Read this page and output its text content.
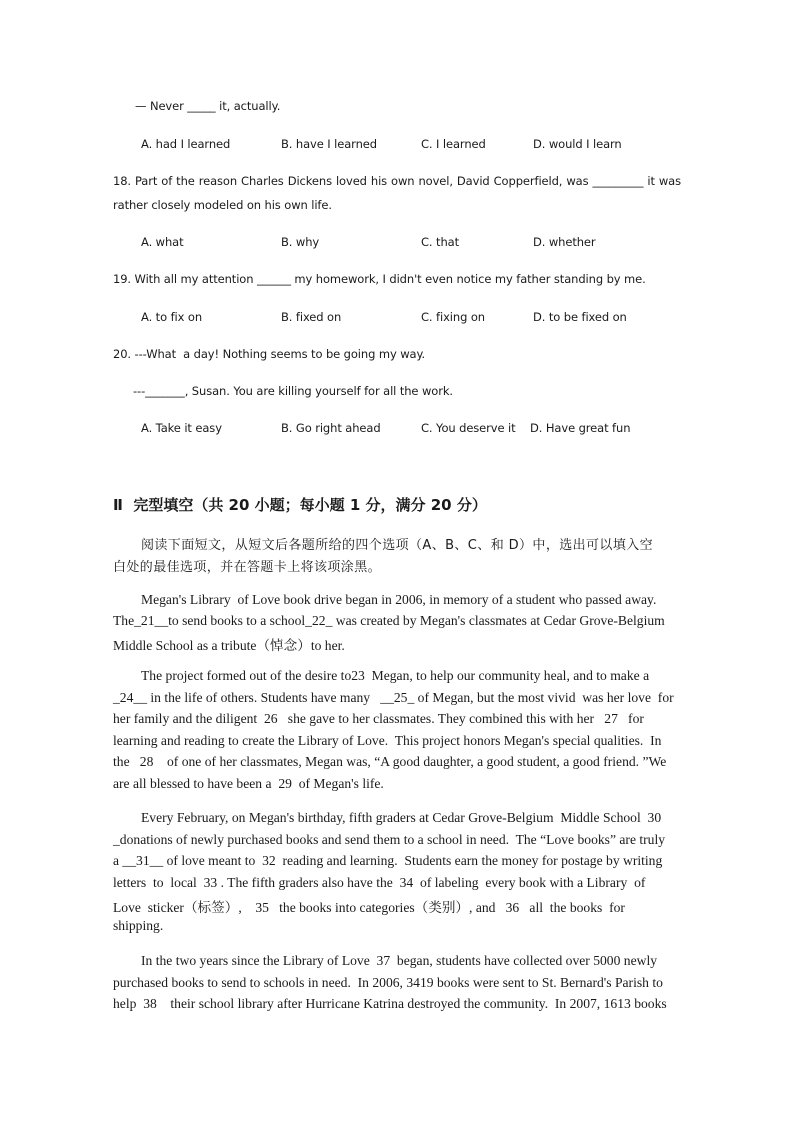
— Never _____ it, actually.
A. had I learned	B. have I learned	C. I learned	D. would I learn
18. Part of the reason Charles Dickens loved his own novel, David Copperfield, was _________ it was
rather closely modeled on his own life.
A. what	B. why	C. that	D. whether
19. With all my attention ______ my homework, I didn't even notice my father standing by me.
A. to fix on	B. fixed on	C. fixing on	D. to be fixed on
20. ---What  a day! Nothing seems to be going my way.
---_______, Susan. You are killing yourself for all the work.
A. Take it easy	B. Go right ahead	C. You deserve it D. Have great fun
Ⅱ  完型填空（共 20 小题；每小题 1 分，满分 20 分）
阅读下面短文，从短文后各题所给的四个选项（A、B、C、和 D）中，选出可以填入空
白处的最佳选项，并在答题卡上将该项涂黑。
Megan's Library  of Love book drive began in 2006, in memory of a student who passed away.
The_21__to send books to a school_22_ was created by Megan's classmates at Cedar Grove-Belgium
Middle School as a tribute（悼念）to her.
The project formed out of the desire to23  Megan, to help our community heal, and to make a
_24__ in the life of others. Students have many   __25_ of Megan, but the most vivid  was her love  for
her family and the diligent  26   she gave to her classmates. They combined this with her   27   for
learning and reading to create the Library of Love.  This project honors Megan's special qualities.  In
the   28    of one of her classmates, Megan was, “A good daughter, a good student, a good friend. ”We
are all blessed to have been a  29  of Megan's life.
Every February, on Megan's birthday, fifth graders at Cedar Grove-Belgium  Middle School  30
_donations of newly purchased books and send them to a school in need.  The “Love books” are truly
a __31__ of love meant to  32  reading and learning.  Students earn the money for postage by writing
letters  to  local  33 . The fifth graders also have the  34  of labeling  every book with a Library  of
Love  sticker（标签）,    35   the books into categories（类别）, and   36   all  the books  for
shipping.
In the two years since the Library of Love  37  began, students have collected over 5000 newly
purchased books to send to schools in need.  In 2006, 3419 books were sent to St. Bernard's Parish to
help  38    their school library after Hurricane Katrina destroyed the community.  In 2007, 1613 books
